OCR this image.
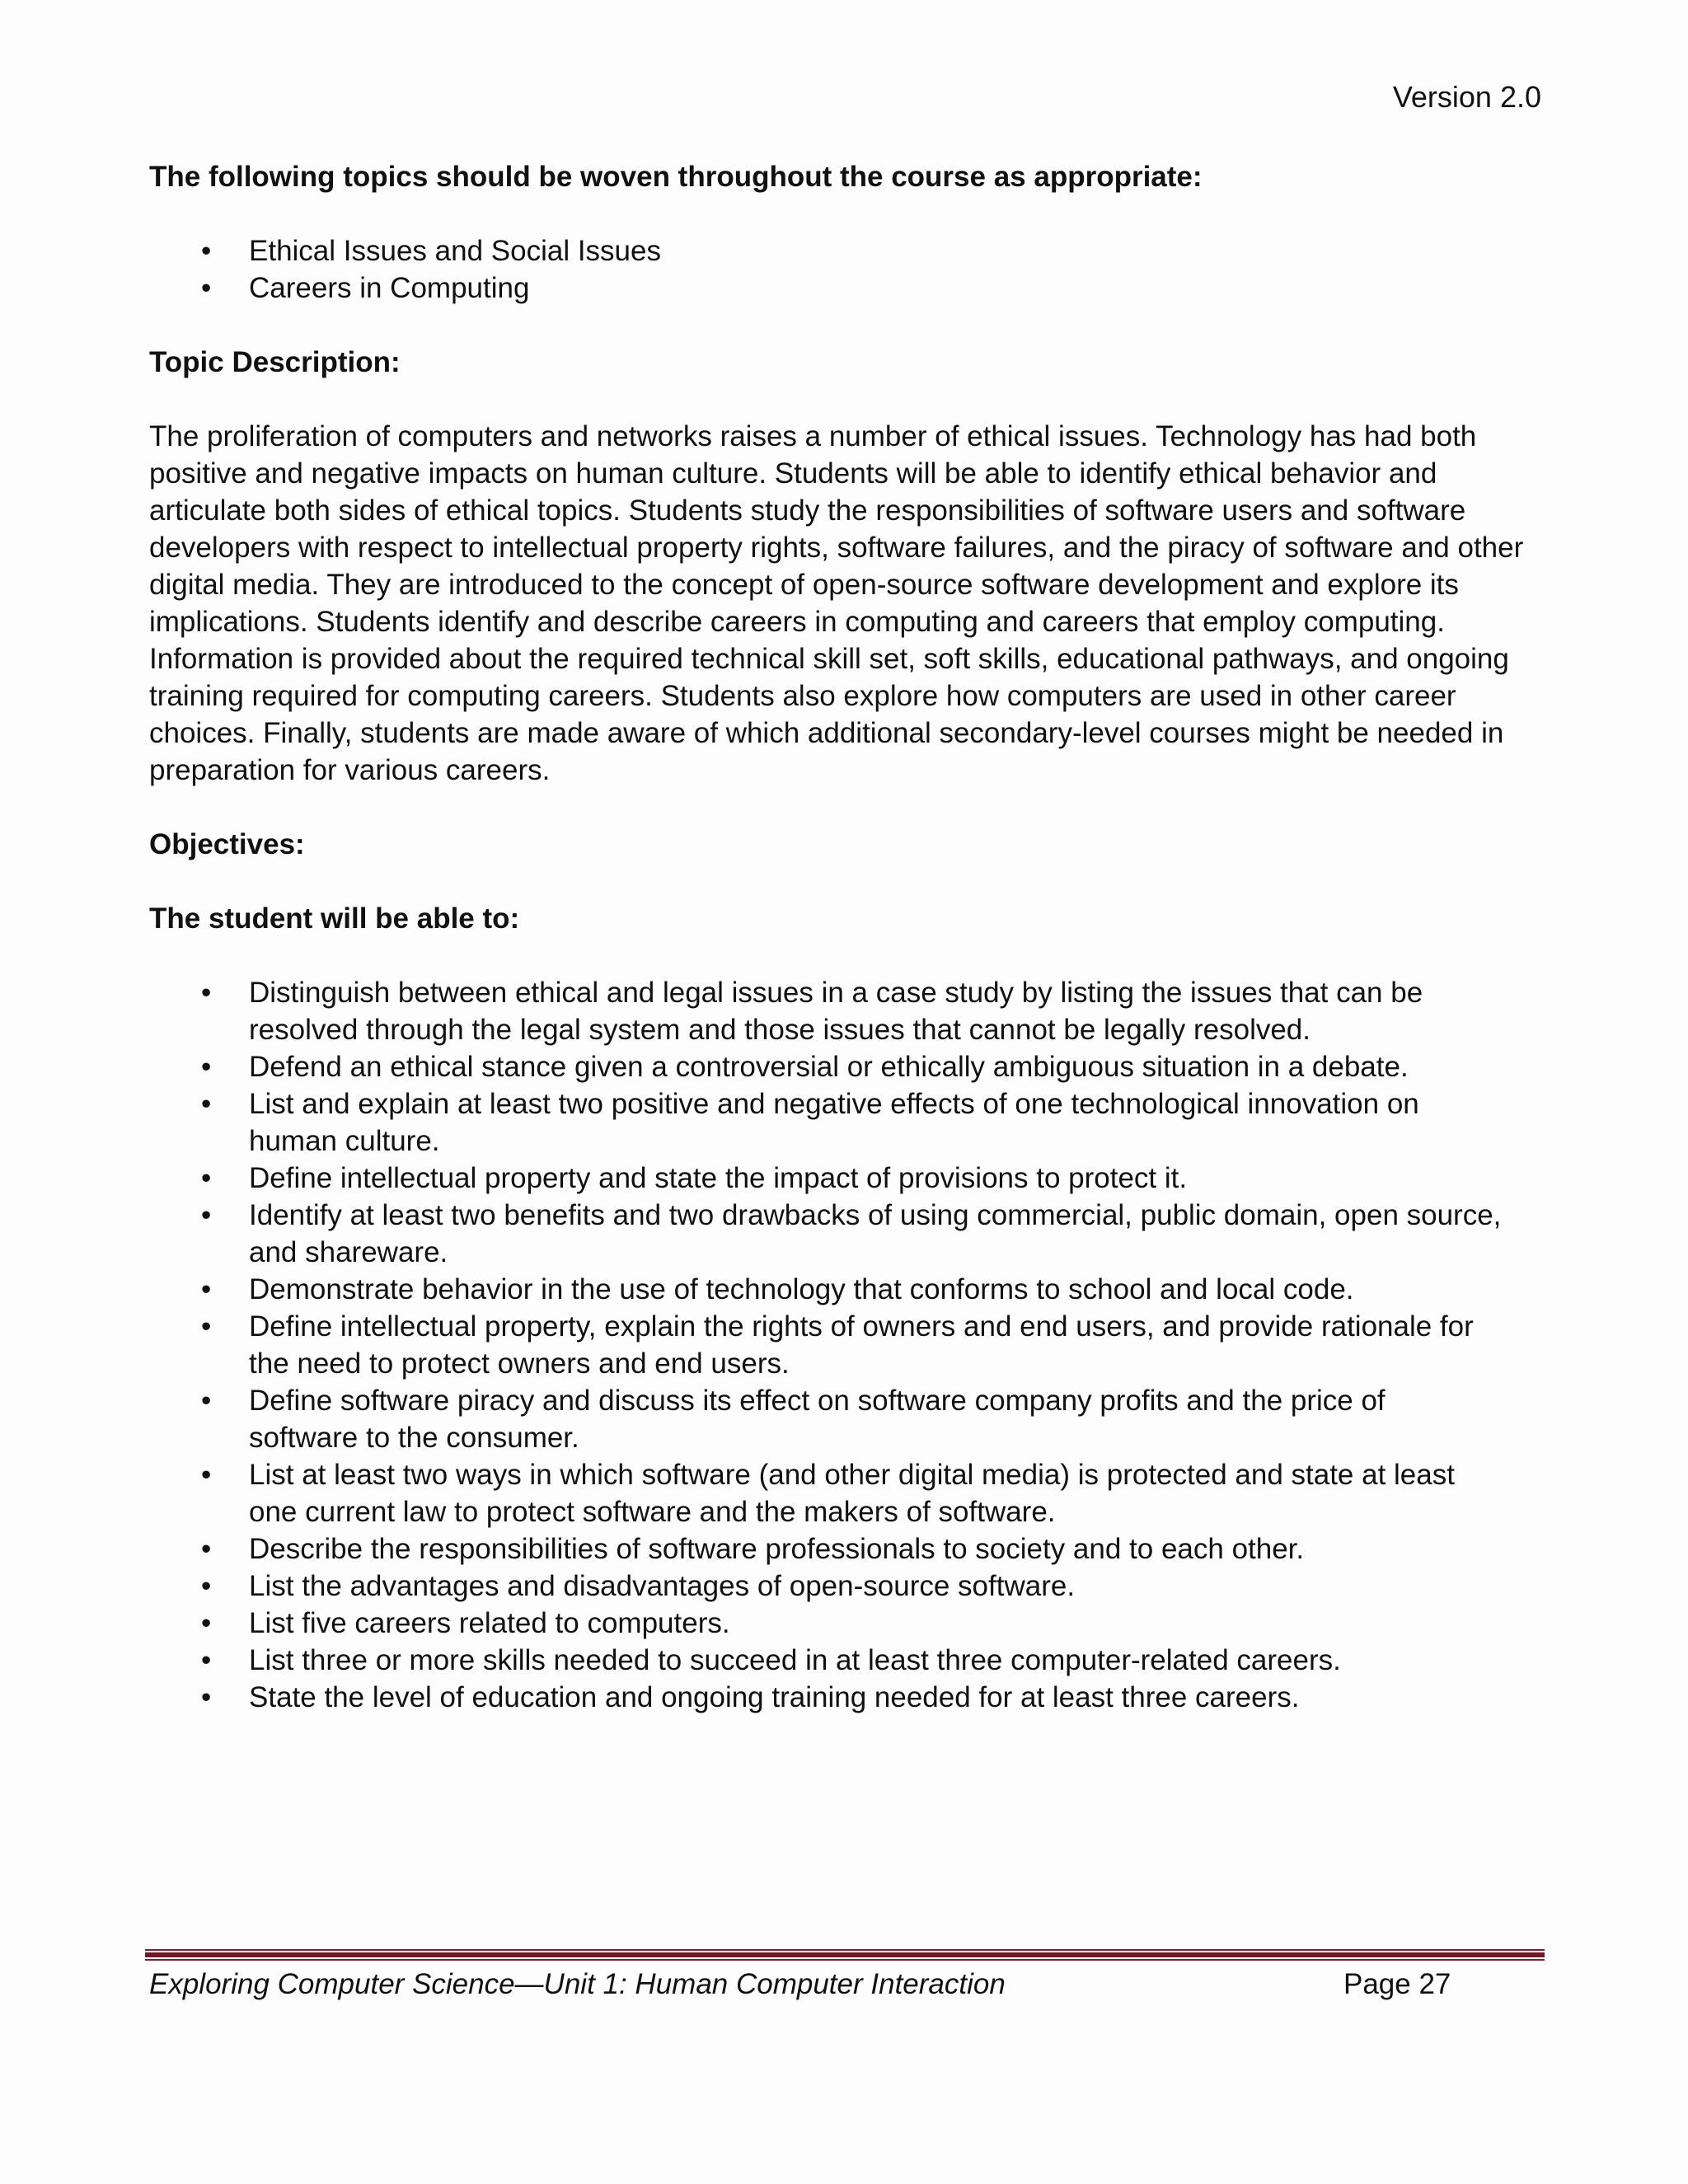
Version 2.0
The following topics should be woven throughout the course as appropriate:
• Ethical Issues and Social Issues
• Careers in Computing
Topic Description:
The proliferation of computers and networks raises a number of ethical issues. Technology has had both positive and negative impacts on human culture. Students will be able to identify ethical behavior and articulate both sides of ethical topics. Students study the responsibilities of software users and software developers with respect to intellectual property rights, software failures, and the piracy of software and other digital media. They are introduced to the concept of open-source software development and explore its implications. Students identify and describe careers in computing and careers that employ computing. Information is provided about the required technical skill set, soft skills, educational pathways, and ongoing training required for computing careers. Students also explore how computers are used in other career choices. Finally, students are made aware of which additional secondary-level courses might be needed in preparation for various careers.
Objectives:
The student will be able to:
• Distinguish between ethical and legal issues in a case study by listing the issues that can be resolved through the legal system and those issues that cannot be legally resolved.
• Defend an ethical stance given a controversial or ethically ambiguous situation in a debate.
• List and explain at least two positive and negative effects of one technological innovation on human culture.
• Define intellectual property and state the impact of provisions to protect it.
• Identify at least two benefits and two drawbacks of using commercial, public domain, open source, and shareware.
• Demonstrate behavior in the use of technology that conforms to school and local code.
• Define intellectual property, explain the rights of owners and end users, and provide rationale for the need to protect owners and end users.
• Define software piracy and discuss its effect on software company profits and the price of software to the consumer.
• List at least two ways in which software (and other digital media) is protected and state at least one current law to protect software and the makers of software.
• Describe the responsibilities of software professionals to society and to each other.
• List the advantages and disadvantages of open-source software.
• List five careers related to computers.
• List three or more skills needed to succeed in at least three computer-related careers.
• State the level of education and ongoing training needed for at least three careers.
Exploring Computer Science—Unit 1: Human Computer Interaction	Page 27
